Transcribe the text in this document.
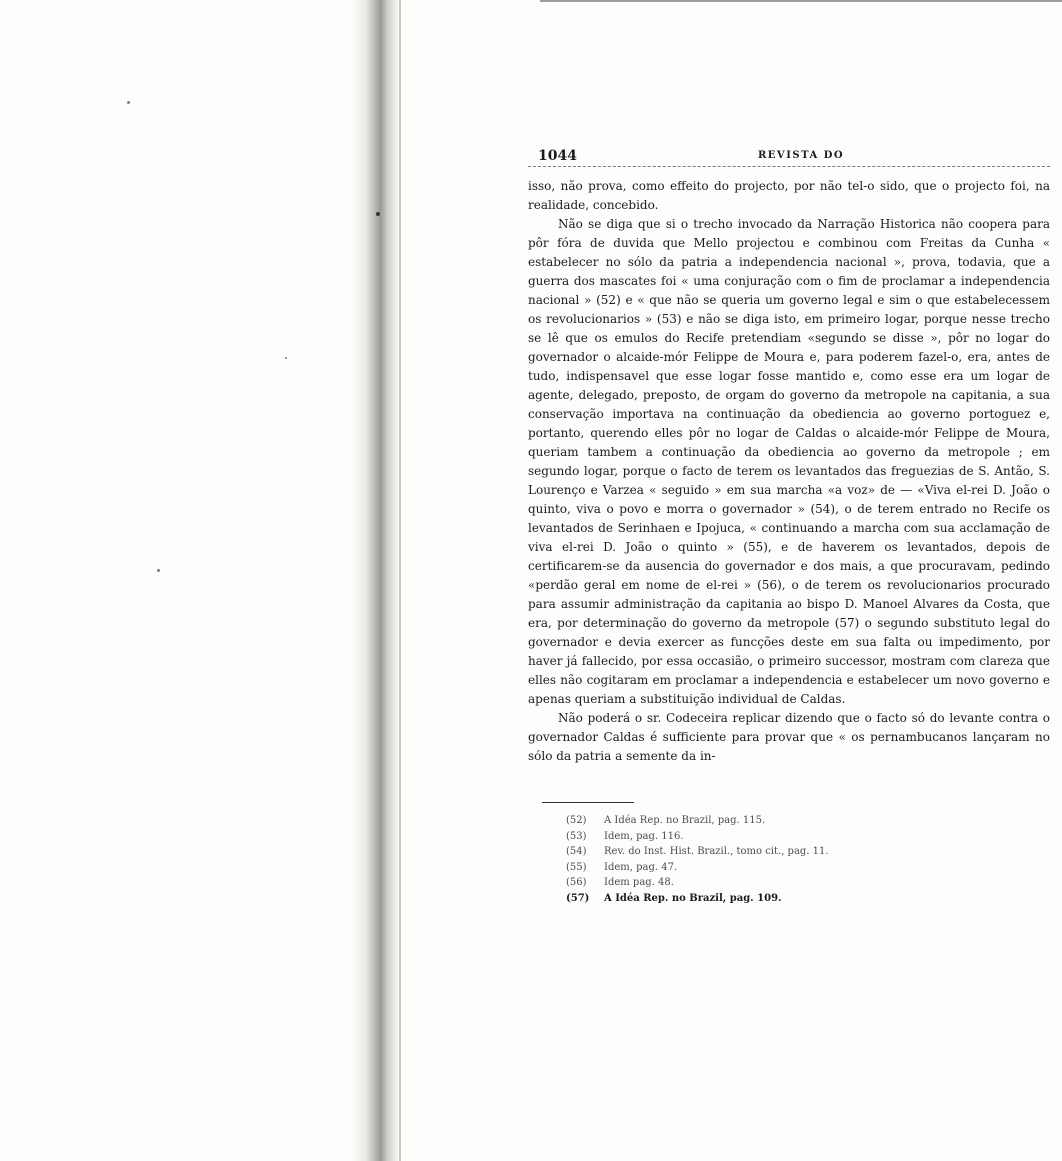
1044	REVISTA DO

isso, não prova, como effeito do projecto, por não tel-o sido, que o projecto foi, na realidade, concebido.

Não se diga que si o trecho invocado da Narração Historica não coopera para pôr fóra de duvida que Mello projectou e combinou com Freitas da Cunha « estabelecer no sólo da patria a independencia nacional », prova, todavia, que a guerra dos mascates foi « uma conjuração com o fim de proclamar a independencia nacional » (52) e « que não se queria um governo legal e sim o que estabelecessem os revolucionarios » (53) e não se diga isto, em primeiro logar, porque nesse trecho se lê que os emulos do Recife pretendiam «segundo se disse », pôr no logar do governador o alcaide-mór Felippe de Moura e, para poderem fazel-o, era, antes de tudo, indispensavel que esse logar fosse mantido e, como esse era um logar de agente, delegado, preposto, de orgam do governo da metropole na capitania, a sua conservação importava na continuação da obediencia ao governo portoguez e, portanto, querendo elles pôr no logar de Caldas o alcaide-mór Felippe de Moura, queriam tambem a continuação da obediencia ao governo da metropole ; em segundo logar, porque o facto de terem os levantados das freguezias de S. Antão, S. Lourenço e Varzea « seguido » em sua marcha «a voz» de — «Viva el-rei D. João o quinto, viva o povo e morra o governador » (54), o de terem entrado no Recife os levantados de Serinhaen e Ipojuca, « continuando a marcha com sua acclamação de viva el-rei D. João o quinto » (55), e de haverem os levantados, depois de certificarem-se da ausencia do governador e dos mais, a que procuravam, pedindo «perdão geral em nome de el-rei » (56), o de terem os revolucionarios procurado para assumir administração da capitania ao bispo D. Manoel Alvares da Costa, que era, por determinação do governo da metropole (57) o segundo substituto legal do governador e devia exercer as funcções deste em sua falta ou impedimento, por haver já fallecido, por essa occasião, o primeiro successor, mostram com clareza que elles não cogitaram em proclamar a independencia e estabelecer um novo governo e apenas queriam a substituição individual de Caldas.

Não poderá o sr. Codeceira replicar dizendo que o facto só do levante contra o governador Caldas é sufficiente para provar que « os pernambucanos lançaram no sólo da patria a semente da in-

(52) A Idéa Rep. no Brazil, pag. 115.
(53) Idem, pag. 116.
(54) Rev. do Inst. Hist. Brazil., tomo cit., pag. 11.
(55) Idem, pag. 47.
(56) Idem pag. 48.
(57) A Idéa Rep. no Brazil, pag. 109.
